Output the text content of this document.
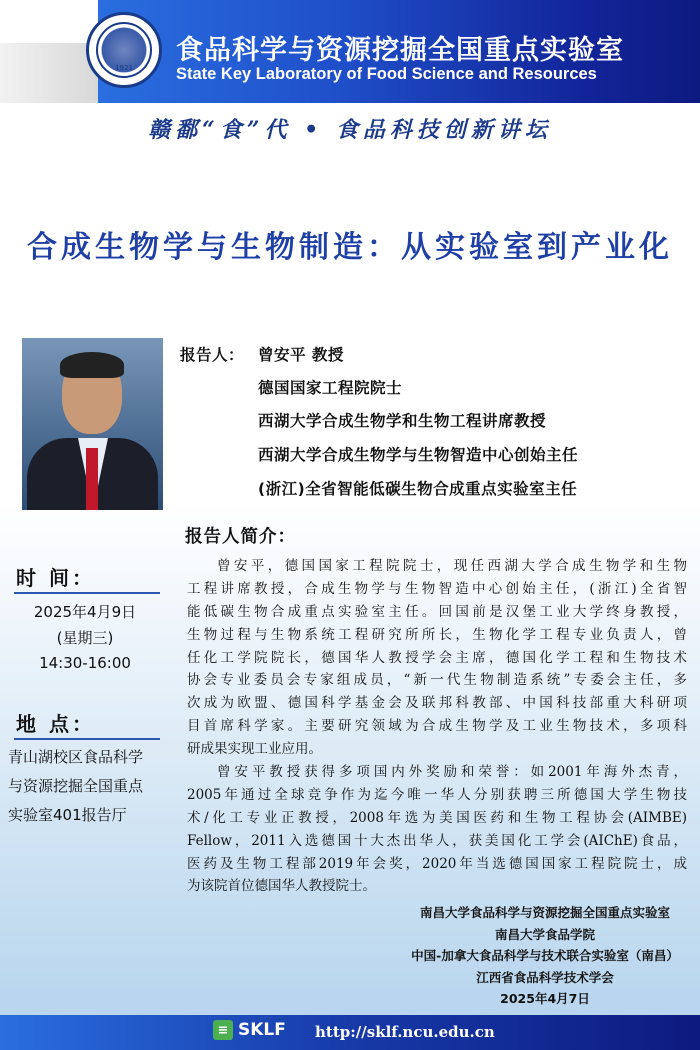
1921
食品科学与资源挖掘全国重点实验室
State Key Laboratory of Food Science and Resources
赣鄱“食”代 • 食品科技创新讲坛
合成生物学与生物制造：从实验室到产业化
报告人： 曾安平 教授
德国国家工程院院士
西湖大学合成生物学和生物工程讲席教授
西湖大学合成生物学与生物智造中心创始主任
(浙江)全省智能低碳生物合成重点实验室主任
时 间：
2025年4月9日
(星期三)
14:30-16:00
地 点：
青山湖校区食品科学
与资源挖掘全国重点
实验室401报告厅
报告人简介：
曾安平，德国国家工程院院士，现任西湖大学合成生物学和生物
工程讲席教授，合成生物学与生物智造中心创始主任，(浙江)全省智
能低碳生物合成重点实验室主任。回国前是汉堡工业大学终身教授，
生物过程与生物系统工程研究所所长，生物化学工程专业负责人，曾
任化工学院院长，德国华人教授学会主席，德国化学工程和生物技术
协会专业委员会专家组成员，“新一代生物制造系统”专委会主任，多
次成为欧盟、德国科学基金会及联邦科教部、中国科技部重大科研项
目首席科学家。主要研究领域为合成生物学及工业生物技术，多项科
研成果实现工业应用。
曾安平教授获得多项国内外奖励和荣誉：如2001年海外杰青，
2005年通过全球竞争作为迄今唯一华人分别获聘三所德国大学生物技
术/化工专业正教授，2008年选为美国医药和生物工程协会(AIMBE)
Fellow，2011入选德国十大杰出华人，获美国化工学会(AIChE)食品，
医药及生物工程部2019年会奖，2020年当选德国国家工程院院士，成
为该院首位德国华人教授院士。
南昌大学食品科学与资源挖掘全国重点实验室
南昌大学食品学院
中国-加拿大食品科学与技术联合实验室（南昌）
江西省食品科学技术学会
2025年4月7日
≡ SKLF http://sklf.ncu.edu.cn
